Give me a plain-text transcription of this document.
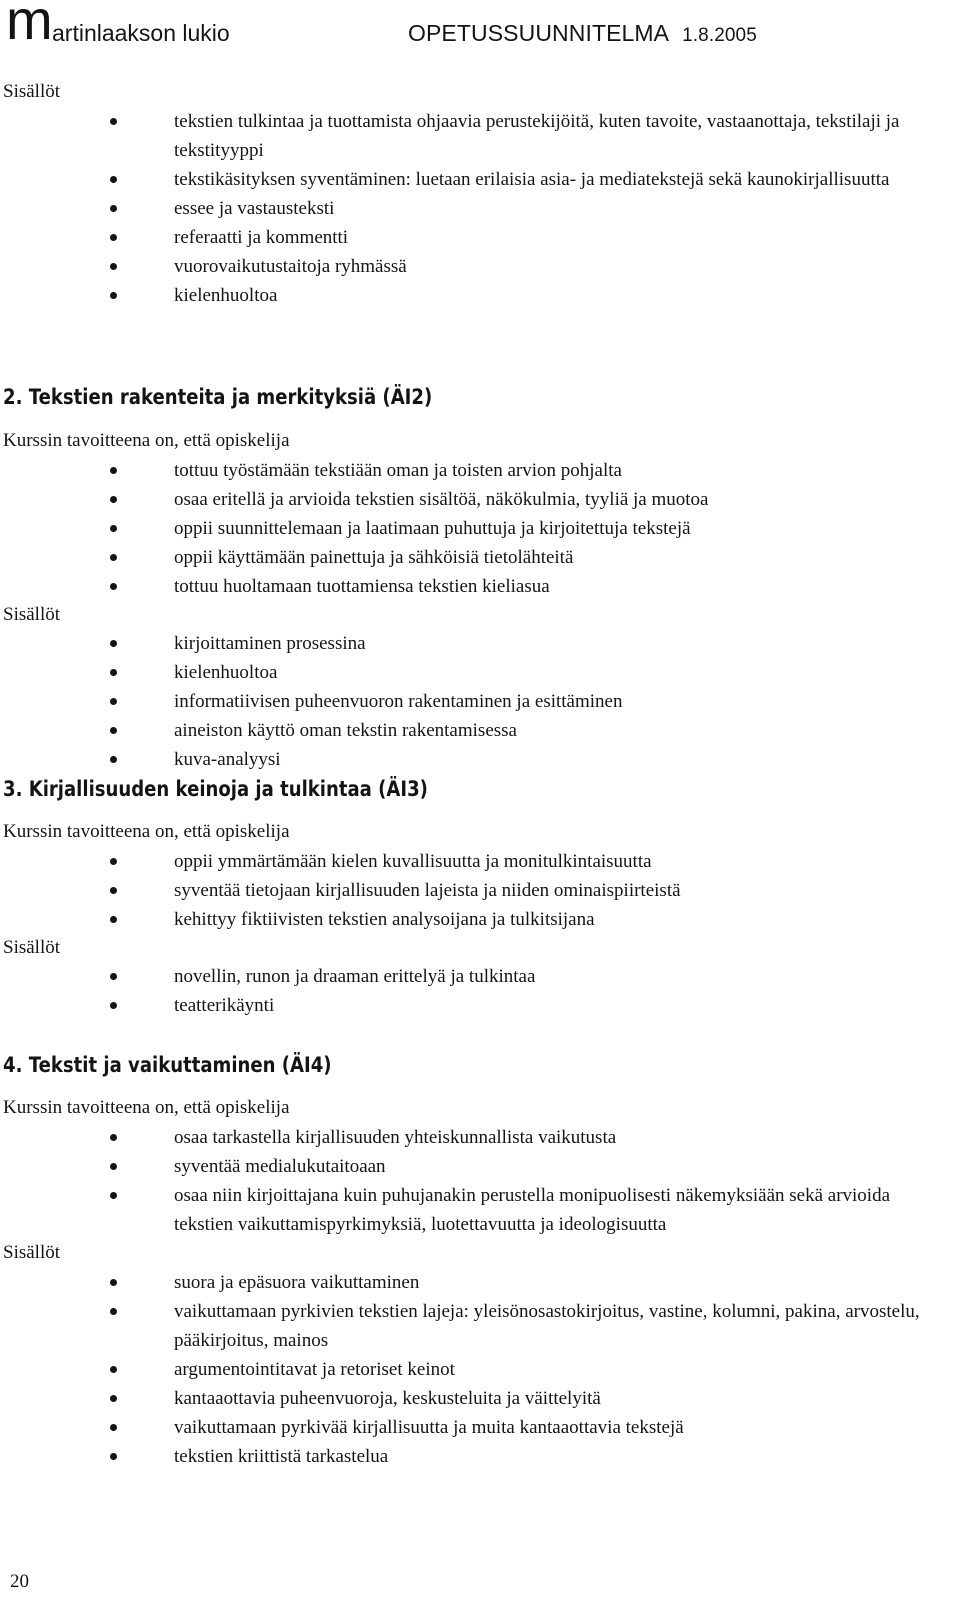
m artinlaakson lukio	OPETUSSUUNNITELMA 1.8.2005
Sisällöt
tekstien tulkintaa ja tuottamista ohjaavia perustekijöitä, kuten tavoite, vastaanottaja, tekstilaji ja tekstityyppi
tekstikäsityksen syventäminen: luetaan erilaisia asia- ja mediatekstejä sekä kaunokirjallisuutta
essee ja vastausteksti
referaatti ja kommentti
vuorovaikutustaitoja ryhmässä
kielenhuoltoa
2. Tekstien rakenteita ja merkityksiä (ÄI2)
Kurssin tavoitteena on, että opiskelija
tottuu työstämään tekstiään oman ja toisten arvion pohjalta
osaa eritellä ja arvioida tekstien sisältöä, näkökulmia, tyyliä ja muotoa
oppii suunnittelemaan ja laatimaan puhuttuja ja kirjoitettuja tekstejä
oppii käyttämään painettuja ja sähköisiä tietolähteitä
tottuu huoltamaan tuottamiensa tekstien kieliasua
Sisällöt
kirjoittaminen prosessina
kielenhuoltoa
informatiivisen puheenvuoron rakentaminen ja esittäminen
aineiston käyttö oman tekstin rakentamisessa
kuva-analyysi
3. Kirjallisuuden keinoja ja tulkintaa (ÄI3)
Kurssin tavoitteena on, että opiskelija
oppii ymmärtämään kielen kuvallisuutta ja monitulkintaisuutta
syventää tietojaan kirjallisuuden lajeista ja niiden ominaispiirteistä
kehittyy fiktiivisten tekstien analysoijana ja tulkitsijana
Sisällöt
novellin, runon ja draaman erittelyä ja tulkintaa
teatterikäynti
4. Tekstit ja vaikuttaminen (ÄI4)
Kurssin tavoitteena on, että opiskelija
osaa tarkastella kirjallisuuden yhteiskunnallista vaikutusta
syventää medialukutaitoaan
osaa niin kirjoittajana kuin puhujanakin perustella monipuolisesti näkemyksiään sekä arvioida tekstien vaikuttamispyrkimyksiä, luotettavuutta ja ideologisuutta
Sisällöt
suora ja epäsuora vaikuttaminen
vaikuttamaan pyrkivien tekstien lajeja: yleisönosastokirjoitus, vastine, kolumni, pakina, arvostelu, pääkirjoitus, mainos
argumentointitavat ja retoriset keinot
kantaaottavia puheenvuoroja, keskusteluita ja väittelyitä
vaikuttamaan pyrkivää kirjallisuutta ja muita kantaaottavia tekstejä
tekstien kriittistä tarkastelua
20
